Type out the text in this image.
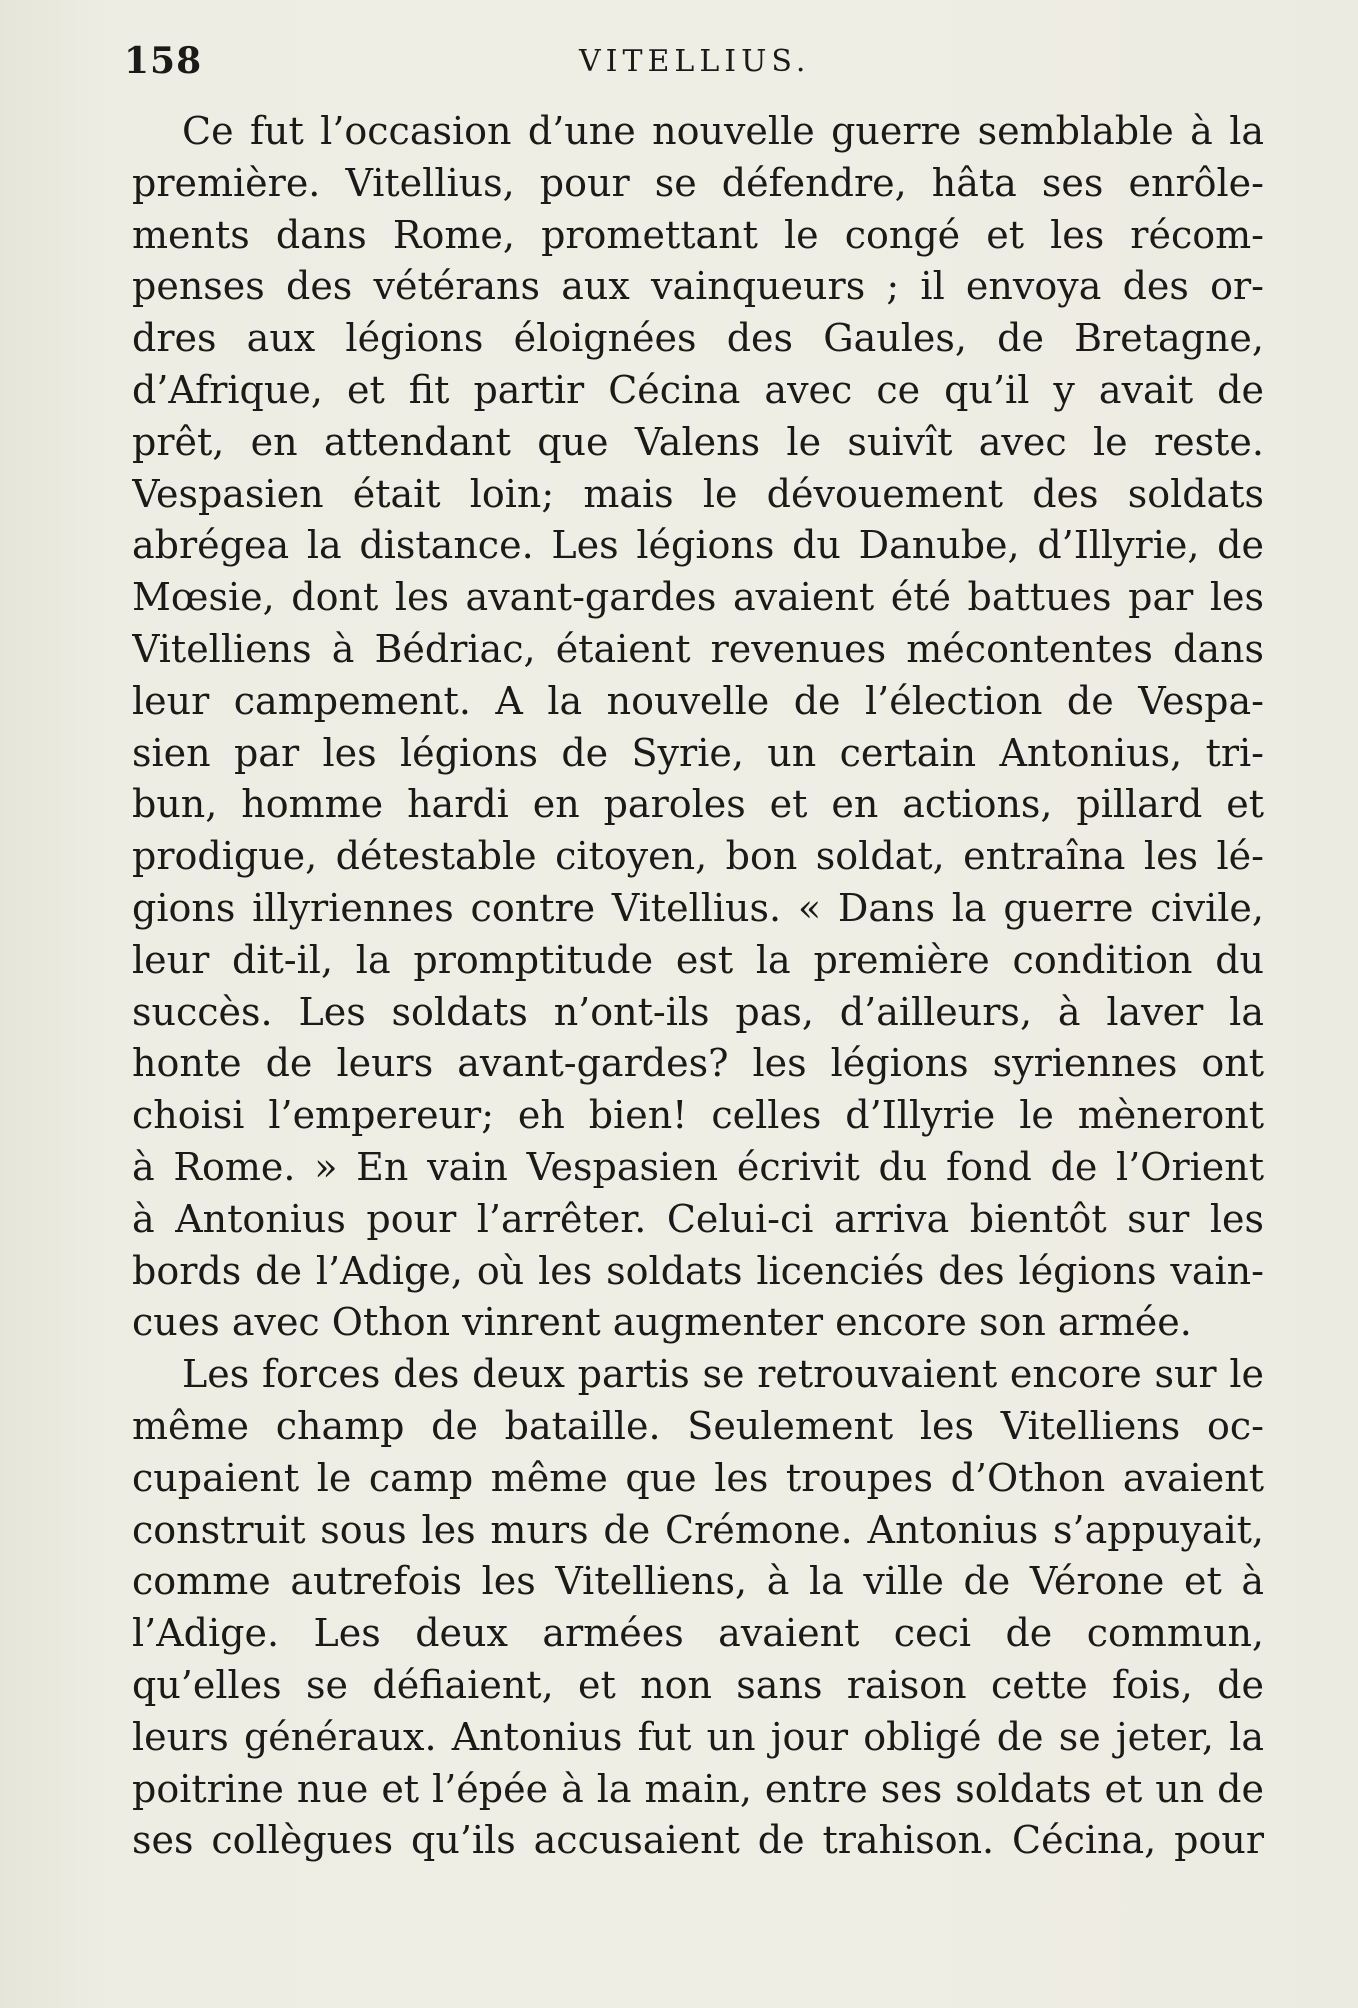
158	VITELLIUS.
Ce fut l’occasion d’une nouvelle guerre semblable à la
première. Vitellius, pour se défendre, hâta ses enrôle-
ments dans Rome, promettant le congé et les récom-
penses des vétérans aux vainqueurs ; il envoya des or-
dres aux légions éloignées des Gaules, de Bretagne,
d’Afrique, et fit partir Cécina avec ce qu’il y avait de
prêt, en attendant que Valens le suivît avec le reste.
Vespasien était loin; mais le dévouement des soldats
abrégea la distance. Les légions du Danube, d’Illyrie, de
Mœsie, dont les avant-gardes avaient été battues par les
Vitelliens à Bédriac, étaient revenues mécontentes dans
leur campement. A la nouvelle de l’élection de Vespa-
sien par les légions de Syrie, un certain Antonius, tri-
bun, homme hardi en paroles et en actions, pillard et
prodigue, détestable citoyen, bon soldat, entraîna les lé-
gions illyriennes contre Vitellius. « Dans la guerre civile,
leur dit-il, la promptitude est la première condition du
succès. Les soldats n’ont-ils pas, d’ailleurs, à laver la
honte de leurs avant-gardes? les légions syriennes ont
choisi l’empereur; eh bien! celles d’Illyrie le mèneront
à Rome. » En vain Vespasien écrivit du fond de l’Orient
à Antonius pour l’arrêter. Celui-ci arriva bientôt sur les
bords de l’Adige, où les soldats licenciés des légions vain-
cues avec Othon vinrent augmenter encore son armée.
Les forces des deux partis se retrouvaient encore sur le
même champ de bataille. Seulement les Vitelliens oc-
cupaient le camp même que les troupes d’Othon avaient
construit sous les murs de Crémone. Antonius s’appuyait,
comme autrefois les Vitelliens, à la ville de Vérone et à
l’Adige. Les deux armées avaient ceci de commun,
qu’elles se défiaient, et non sans raison cette fois, de
leurs généraux. Antonius fut un jour obligé de se jeter, la
poitrine nue et l’épée à la main, entre ses soldats et un de
ses collègues qu’ils accusaient de trahison. Cécina, pour
